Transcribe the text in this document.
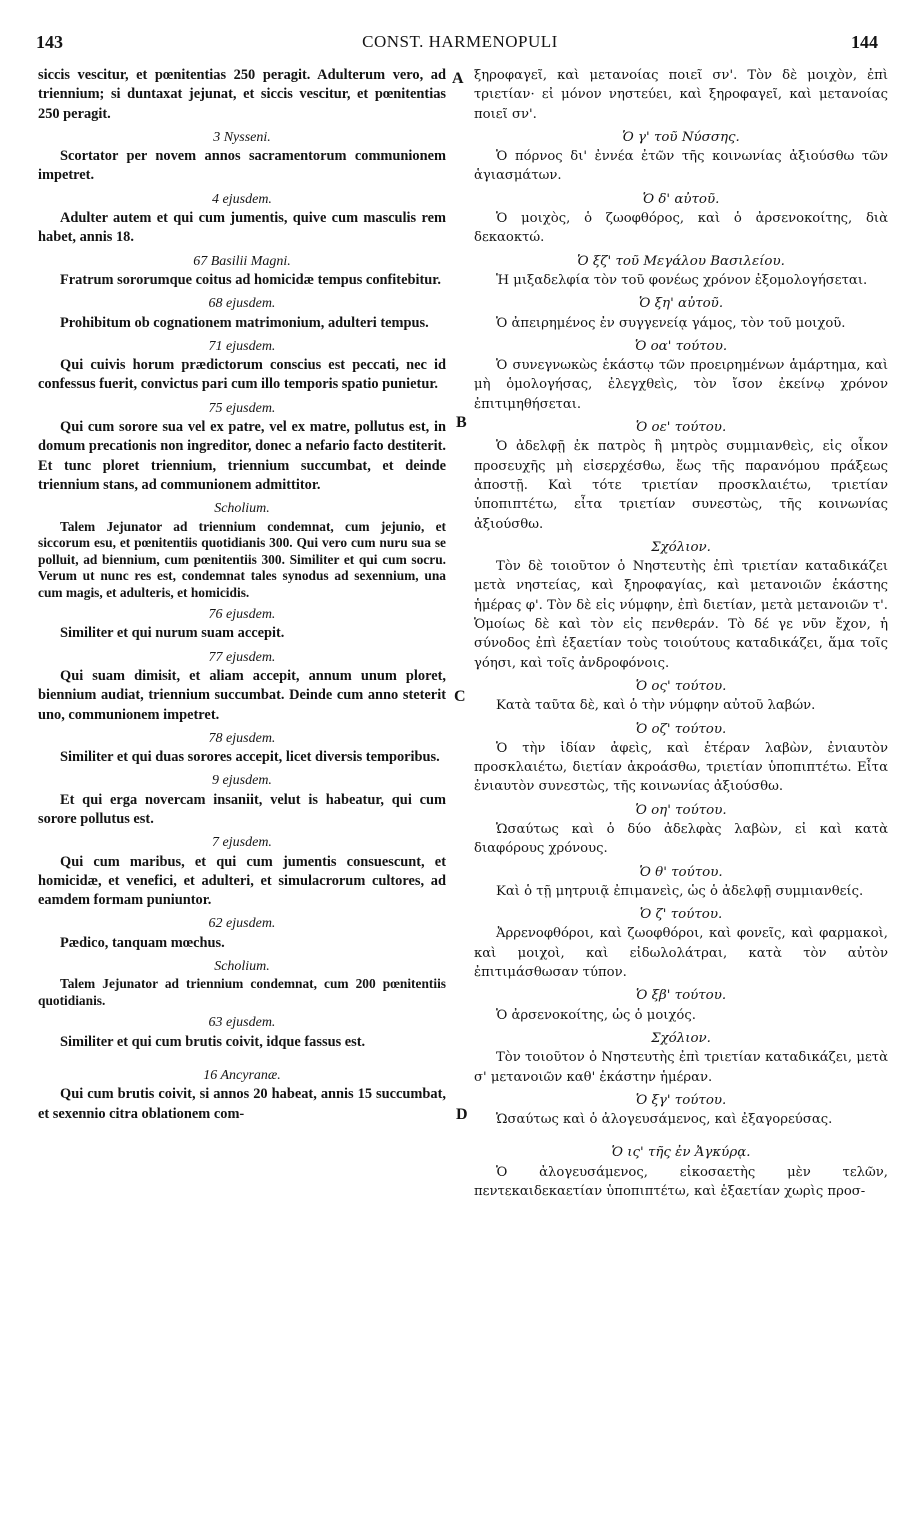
143	CONST. HARMENOPULI	144
A
B
C
D

siccis vescitur, et pœnitentias 250 peragit. Adulterum vero, ad triennium; si duntaxat jejunat, et siccis vescitur, et pœnitentias 250 peragit.

3 Nysseni.

Scortator per novem annos sacramentorum communionem impetret.

4 ejusdem.

Adulter autem et qui cum jumentis, quive cum masculis rem habet, annis 18.

67 Basilii Magni.

Fratrum sororumque coitus ad homicidæ tempus confitebitur.

68 ejusdem.

Prohibitum ob cognationem matrimonium, adulteri tempus.

71 ejusdem.

Qui cuivis horum prædictorum conscius est peccati, nec id confessus fuerit, convictus pari cum illo temporis spatio punietur.

75 ejusdem.

Qui cum sorore sua vel ex patre, vel ex matre, pollutus est, in domum precationis non ingreditor, donec a nefario facto destiterit. Et tunc ploret triennium, triennium succumbat, et deinde triennium stans, ad communionem admittitor.

Scholium.

Talem Jejunator ad triennium condemnat, cum jejunio, et siccorum esu, et pœnitentiis quotidianis 300. Qui vero cum nuru sua se polluit, ad biennium, cum pœnitentiis 300. Similiter et qui cum socru. Verum ut nunc res est, condemnat tales synodus ad sexennium, una cum magis, et adulteris, et homicidis.

76 ejusdem.

Similiter et qui nurum suam accepit.

77 ejusdem.

Qui suam dimisit, et aliam accepit, annum unum ploret, biennium audiat, triennium succumbat. Deinde cum anno steterit uno, communionem impetret.

78 ejusdem.

Similiter et qui duas sorores accepit, licet diversis temporibus.

9 ejusdem.

Et qui erga novercam insaniit, velut is habeatur, qui cum sorore pollutus est.

7 ejusdem.

Qui cum maribus, et qui cum jumentis consuescunt, et homicidæ, et venefici, et adulteri, et simulacrorum cultores, ad eamdem formam puniuntor.

62 ejusdem.

Pædico, tanquam mœchus.

Scholium.

Talem Jejunator ad triennium condemnat, cum 200 pœnitentiis quotidianis.

63 ejusdem.

Similiter et qui cum brutis coivit, idque fassus est.

16 Ancyranæ.

Qui cum brutis coivit, si annos 20 habeat, annis 15 succumbat, et sexennio citra oblationem com-

ξηροφαγεῖ, καὶ μετανοίας ποιεῖ σν'. Τὸν δὲ μοιχὸν, ἐπὶ τριετίαν· εἰ μόνον νηστεύει, καὶ ξηροφαγεῖ, καὶ μετανοίας ποιεῖ σν'.

Ὁ γ' τοῦ Νύσσης.

Ὁ πόρνος δι' ἐννέα ἐτῶν τῆς κοινωνίας ἀξιούσθω τῶν ἁγιασμάτων.

Ὁ δ' αὐτοῦ.

Ὁ μοιχὸς, ὁ ζωοφθόρος, καὶ ὁ ἀρσενοκοίτης, διὰ δεκαοκτώ.

Ὁ ξζ' τοῦ Μεγάλου Βασιλείου.

Ἡ μιξαδελφία τὸν τοῦ φονέως χρόνον ἐξομολογήσεται.

Ὁ ξη' αὐτοῦ.

Ὁ ἀπειρημένος ἐν συγγενείᾳ γάμος, τὸν τοῦ μοιχοῦ.

Ὁ οα' τούτου.

Ὁ συνεγνωκὼς ἑκάστῳ τῶν προειρημένων ἁμάρτημα, καὶ μὴ ὁμολογήσας, ἐλεγχθεὶς, τὸν ἴσον ἐκείνῳ χρόνον ἐπιτιμηθήσεται.

Ὁ οε' τούτου.

Ὁ ἀδελφῇ ἐκ πατρὸς ἢ μητρὸς συμμιανθεὶς, εἰς οἶκον προσευχῆς μὴ εἰσερχέσθω, ἕως τῆς παρανόμου πράξεως ἀποστῇ. Καὶ τότε τριετίαν προσκλαιέτω, τριετίαν ὑποπιπτέτω, εἶτα τριετίαν συνεστὼς, τῆς κοινωνίας ἀξιούσθω.

Σχόλιον.

Τὸν δὲ τοιοῦτον ὁ Νηστευτὴς ἐπὶ τριετίαν καταδικάζει μετὰ νηστείας, καὶ ξηροφαγίας, καὶ μετανοιῶν ἑκάστης ἡμέρας φ'. Τὸν δὲ εἰς νύμφην, ἐπὶ διετίαν, μετὰ μετανοιῶν τ'. Ὁμοίως δὲ καὶ τὸν εἰς πενθεράν. Τὸ δέ γε νῦν ἔχον, ἡ σύνοδος ἐπὶ ἑξαετίαν τοὺς τοιούτους καταδικάζει, ἅμα τοῖς γόησι, καὶ τοῖς ἀνδροφόνοις.

Ὁ ος' τούτου.

Κατὰ ταῦτα δὲ, καὶ ὁ τὴν νύμφην αὐτοῦ λαβών.

Ὁ οζ' τούτου.

Ὁ τὴν ἰδίαν ἀφεὶς, καὶ ἑτέραν λαβὼν, ἐνιαυτὸν προσκλαιέτω, διετίαν ἀκροάσθω, τριετίαν ὑποπιπτέτω. Εἶτα ἐνιαυτὸν συνεστὼς, τῆς κοινωνίας ἀξιούσθω.

Ὁ οη' τούτου.

Ὡσαύτως καὶ ὁ δύο ἀδελφὰς λαβὼν, εἰ καὶ κατὰ διαφόρους χρόνους.

Ὁ θ' τούτου.

Καὶ ὁ τῇ μητρυιᾷ ἐπιμανεὶς, ὡς ὁ ἀδελφῇ συμμιανθείς.

Ὁ ζ' τούτου.

Ἀρρενοφθόροι, καὶ ζωοφθόροι, καὶ φονεῖς, καὶ φαρμακοὶ, καὶ μοιχοὶ, καὶ εἰδωλολάτραι, κατὰ τὸν αὐτὸν ἐπιτιμάσθωσαν τύπον.

Ὁ ξβ' τούτου.

Ὁ ἀρσενοκοίτης, ὡς ὁ μοιχός.

Σχόλιον.

Τὸν τοιοῦτον ὁ Νηστευτὴς ἐπὶ τριετίαν καταδικάζει, μετὰ σ' μετανοιῶν καθ' ἑκάστην ἡμέραν.

Ὁ ξγ' τούτου.

Ὡσαύτως καὶ ὁ ἀλογευσάμενος, καὶ ἐξαγορεύσας.

Ὁ ις' τῆς ἐν Ἀγκύρᾳ.

Ὁ ἀλογευσάμενος, εἰκοσαετὴς μὲν τελῶν, πεντεκαιδεκαετίαν ὑποπιπτέτω, καὶ ἑξαετίαν χωρὶς προσ-
